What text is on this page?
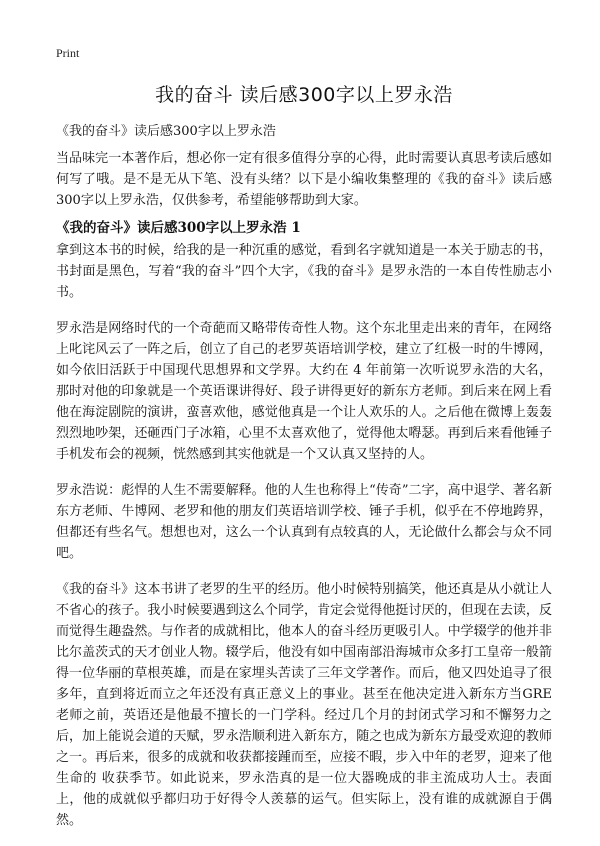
Print
我的奋斗 读后感300字以上罗永浩

《我的奋斗》读后感300字以上罗永浩

当品味完一本著作后，想必你一定有很多值得分享的心得，此时需要认真思考读后感如何写了哦。是不是无从下笔、没有头绪？以下是小编收集整理的《我的奋斗》读后感300字以上罗永浩，仅供参考，希望能够帮助到大家。

《我的奋斗》读后感300字以上罗永浩 1

拿到这本书的时候，给我的是一种沉重的感觉，看到名字就知道是一本关于励志的书，书封面是黑色，写着“我的奋斗”四个大字，《我的奋斗》是罗永浩的一本自传性励志小书。

罗永浩是网络时代的一个奇葩而又略带传奇性人物。这个东北里走出来的青年，在网络上叱诧风云了一阵之后，创立了自己的老罗英语培训学校，建立了红极一时的牛博网，如今依旧活跃于中国现代思想界和文学界。大约在 4 年前第一次听说罗永浩的大名，那时对他的印象就是一个英语课讲得好、段子讲得更好的新东方老师。到后来在网上看他在海淀剧院的演讲，蛮喜欢他，感觉他真是一个让人欢乐的人。之后他在微博上轰轰烈烈地吵架，还砸西门子冰箱，心里不太喜欢他了，觉得他太嘚瑟。再到后来看他锤子手机发布会的视频，恍然感到其实他就是一个又认真又坚持的人。

罗永浩说：彪悍的人生不需要解释。他的人生也称得上“传奇”二字，高中退学、著名新东方老师、牛博网、老罗和他的朋友们英语培训学校、锤子手机，似乎在不停地跨界，但都还有些名气。想想也对，这么一个认真到有点较真的人，无论做什么都会与众不同吧。

《我的奋斗》这本书讲了老罗的生平的经历。他小时候特别搞笑，他还真是从小就让人不省心的孩子。我小时候要遇到这么个同学，肯定会觉得他挺讨厌的，但现在去读，反而觉得生趣盎然。与作者的成就相比，他本人的奋斗经历更吸引人。中学辍学的他并非比尔盖茨式的天才创业人物。辍学后，他没有如中国南部沿海城市众多打工皇帝一般箭得一位华丽的草根英雄，而是在家埋头苦读了三年文学著作。而后，他又四处追寻了很多年，直到将近而立之年还没有真正意义上的事业。甚至在他决定进入新东方当GRE老师之前，英语还是他最不擅长的一门学科。经过几个月的封闭式学习和不懈努力之后，加上能说会道的天赋，罗永浩顺利进入新东方，随之也成为新东方最受欢迎的教师之一。再后来，很多的成就和收获都接踵而至，应接不暇，步入中年的老罗，迎来了他生命的 收获季节。如此说来，罗永浩真的是一位大器晚成的非主流成功人士。表面上，他的成就似乎都归功于好得令人羡慕的运气。但实际上，没有谁的成就源自于偶然。
